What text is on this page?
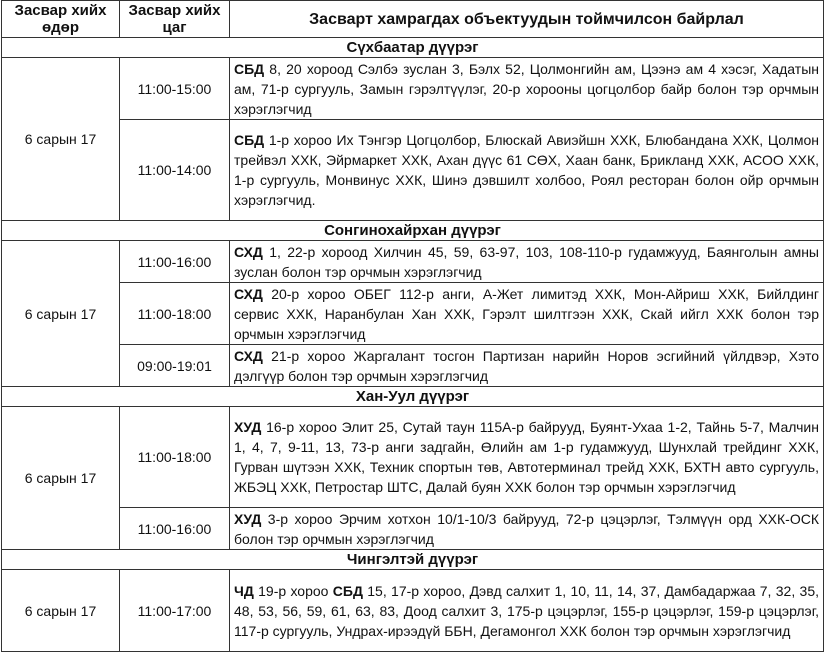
Засвар хийх өдөр	Засвар хийх цаг	Засварт хамрагдах объектуудын тоймчилсон байрлал
Сүхбаатар дүүрэг		
6 сарын 17	11:00-15:00	СБД 8, 20 хороод Сэлбэ зуслан 3, Бэлх 52, Цолмонгийн ам, Цээнэ ам 4 хэсэг, Хадатын ам, 71-р сургууль, Замын гэрэлтүүлэг, 20-р хорооны цогцолбор байр болон тэр орчмын хэрэглэгчид
	11:00-14:00	СБД 1-р хороо Их Тэнгэр Цогцолбор, Блюскай Авиэйшн ХХК, Блюбандана ХХК, Цолмон трейвэл ХХК, Эйрмаркет ХХК, Ахан дүүс 61 СӨХ, Хаан банк, Брикланд ХХК, АСОО ХХК, 1-р сургууль, Монвинус ХХК, Шинэ дэвшилт холбоо, Роял ресторан болон ойр орчмын хэрэглэгчид.
Сонгинохайрхан дүүрэг		
6 сарын 17	11:00-16:00	СХД 1, 22-р хороод Хилчин 45, 59, 63-97, 103, 108-110-р гудамжууд, Баянголын амны зуслан болон тэр орчмын хэрэглэгчид
	11:00-18:00	СХД 20-р хороо ОБЕГ 112-р анги, А-Жет лимитэд ХХК, Мон-Айриш ХХК, Бийлдинг сервис ХХК, Наранбулан Хан ХХК, Гэрэлт шилтгээн ХХК, Скай ийгл ХХК болон тэр орчмын хэрэглэгчид
	09:00-19:01	СХД 21-р хороо Жаргалант тосгон Партизан нарийн Норов эсгийний үйлдвэр, Хэто дэлгүүр болон тэр орчмын хэрэглэгчид
Хан-Уул дүүрэг		
6 сарын 17	11:00-18:00	ХУД 16-р хороо Элит 25, Сутай таун 115А-р байрууд, Буянт-Ухаа 1-2, Тайнь 5-7, Малчин 1, 4, 7, 9-11, 13, 73-р анги задгайн, Өлийн ам 1-р гудамжууд, Шунхлай трейдинг ХХК, Гурван шүтээн ХХК, Техник спортын төв, Автотерминал трейд ХХК, БХТН авто сургууль, ЖБЭЦ ХХК, Петростар ШТС, Далай буян ХХК болон тэр орчмын хэрэглэгчид
	11:00-16:00	ХУД 3-р хороо Эрчим хотхон 10/1-10/3 байрууд, 72-р цэцэрлэг, Тэлмүүн орд ХХК-ОСК болон тэр орчмын хэрэглэгчид
Чингэлтэй дүүрэг		
6 сарын 17	11:00-17:00	ЧД 19-р хороо СБД 15, 17-р хороо, Дэвд салхит 1, 10, 11, 14, 37, Дамбадаржаа 7, 32, 35, 48, 53, 56, 59, 61, 63, 83, Доод салхит 3, 175-р цэцэрлэг, 155-р цэцэрлэг, 159-р цэцэрлэг, 117-р сургууль, Ундрах-ирээдүй ББН, Дегамонгол ХХК болон тэр орчмын хэрэглэгчид
